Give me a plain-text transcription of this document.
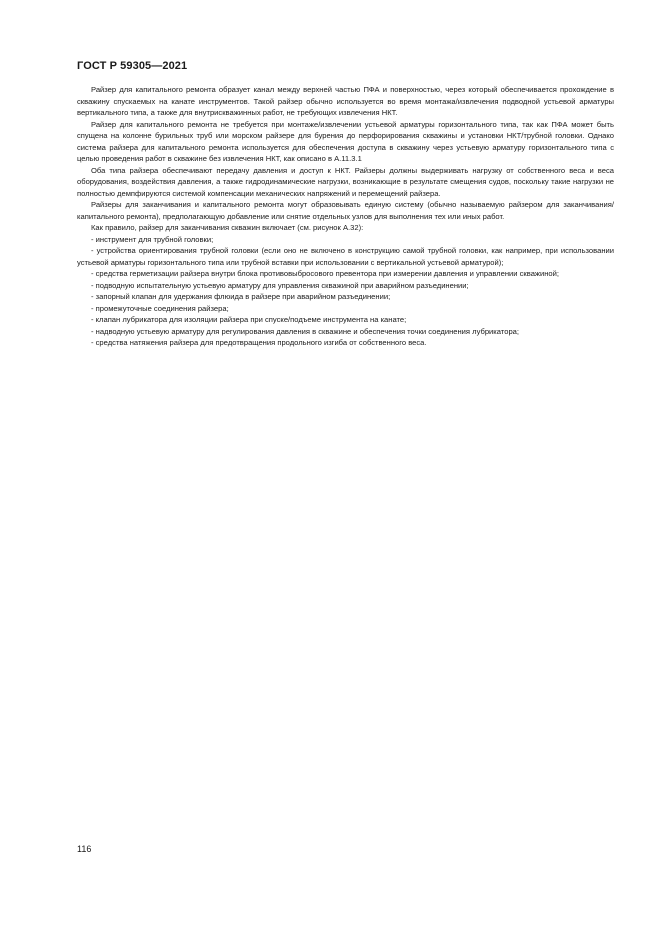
ГОСТ Р 59305—2021

Райзер для капитального ремонта образует канал между верхней частью ПФА и поверхностью, через который обеспечивается прохождение в скважину спускаемых на канате инструментов. Такой райзер обычно используется во время монтажа/извлечения подводной устьевой арматуры вертикального типа, а также для внутрискважинных работ, не требующих извлечения НКТ.

Райзер для капитального ремонта не требуется при монтаже/извлечении устьевой арматуры горизонтального типа, так как ПФА может быть спущена на колонне бурильных труб или морском райзере для бурения до перфорирования скважины и установки НКТ/трубной головки. Однако система райзера для капитального ремонта используется для обеспечения доступа в скважину через устьевую арматуру горизонтального типа с целью проведения работ в скважине без извлечения НКТ, как описано в А.11.3.1

Оба типа райзера обеспечивают передачу давления и доступ к НКТ. Райзеры должны выдерживать нагрузку от собственного веса и веса оборудования, воздействия давления, а также гидродинамические нагрузки, возникающие в результате смещения судов, поскольку такие нагрузки не полностью демпфируются системой компенсации механических напряжений и перемещений райзера.

Райзеры для заканчивания и капитального ремонта могут образовывать единую систему (обычно называемую райзером для заканчивания/капитального ремонта), предполагающую добавление или снятие отдельных узлов для выполнения тех или иных работ.

Как правило, райзер для заканчивания скважин включает (см. рисунок А.32):

- инструмент для трубной головки;

- устройства ориентирования трубной головки (если оно не включено в конструкцию самой трубной головки, как например, при использовании устьевой арматуры горизонтального типа или трубной вставки при использовании с вертикальной устьевой арматурой);

- средства герметизации райзера внутри блока противовыбросового превентора при измерении давления и управлении скважиной;

- подводную испытательную устьевую арматуру для управления скважиной при аварийном разъединении;

- запорный клапан для удержания флюида в райзере при аварийном разъединении;

- промежуточные соединения райзера;

- клапан лубрикатора для изоляции райзера при спуске/подъеме инструмента на канате;

- надводную устьевую арматуру для регулирования давления в скважине и обеспечения точки соединения лубрикатора;

- средства натяжения райзера для предотвращения продольного изгиба от собственного веса.

116
